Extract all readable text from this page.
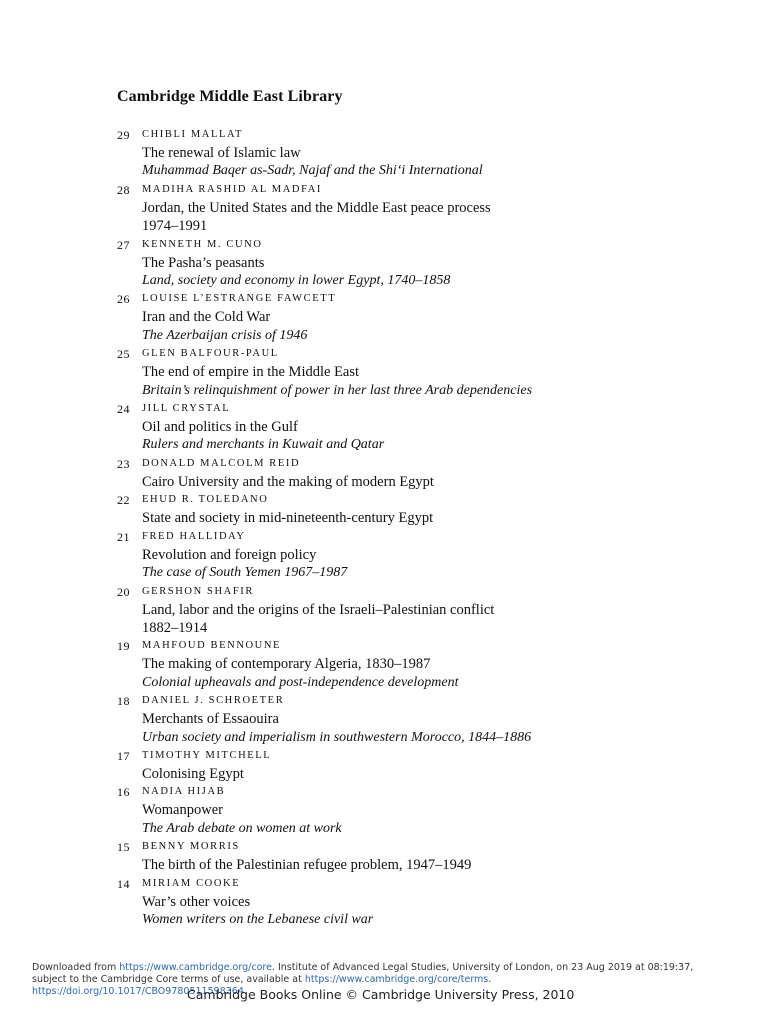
Cambridge Middle East Library
29	CHIBLI MALLAT
The renewal of Islamic law
Muhammad Baqer as-Sadr, Najaf and the Shi‘i International
28	MADIHA RASHID AL MADFAI
Jordan, the United States and the Middle East peace process
1974–1991
27	KENNETH M. CUNO
The Pasha’s peasants
Land, society and economy in lower Egypt, 1740–1858
26	LOUISE L’ESTRANGE FAWCETT
Iran and the Cold War
The Azerbaijan crisis of 1946
25	GLEN BALFOUR-PAUL
The end of empire in the Middle East
Britain’s relinquishment of power in her last three Arab dependencies
24	JILL CRYSTAL
Oil and politics in the Gulf
Rulers and merchants in Kuwait and Qatar
23	DONALD MALCOLM REID
Cairo University and the making of modern Egypt
22	EHUD R. TOLEDANO
State and society in mid-nineteenth-century Egypt
21	FRED HALLIDAY
Revolution and foreign policy
The case of South Yemen 1967–1987
20	GERSHON SHAFIR
Land, labor and the origins of the Israeli–Palestinian conflict
1882–1914
19	MAHFOUD BENNOUNE
The making of contemporary Algeria, 1830–1987
Colonial upheavals and post-independence development
18	DANIEL J. SCHROETER
Merchants of Essaouira
Urban society and imperialism in southwestern Morocco, 1844–1886
17	TIMOTHY MITCHELL
Colonising Egypt
16	NADIA HIJAB
Womanpower
The Arab debate on women at work
15	BENNY MORRIS
The birth of the Palestinian refugee problem, 1947–1949
14	MIRIAM COOKE
War’s other voices
Women writers on the Lebanese civil war
Downloaded from https://www.cambridge.org/core. Institute of Advanced Legal Studies, University of London, on 23 Aug 2019 at 08:19:37,
subject to the Cambridge Core terms of use, available at https://www.cambridge.org/core/terms.
https://doi.org/10.1017/CBO9780511598364
Cambridge Books Online © Cambridge University Press, 2010
